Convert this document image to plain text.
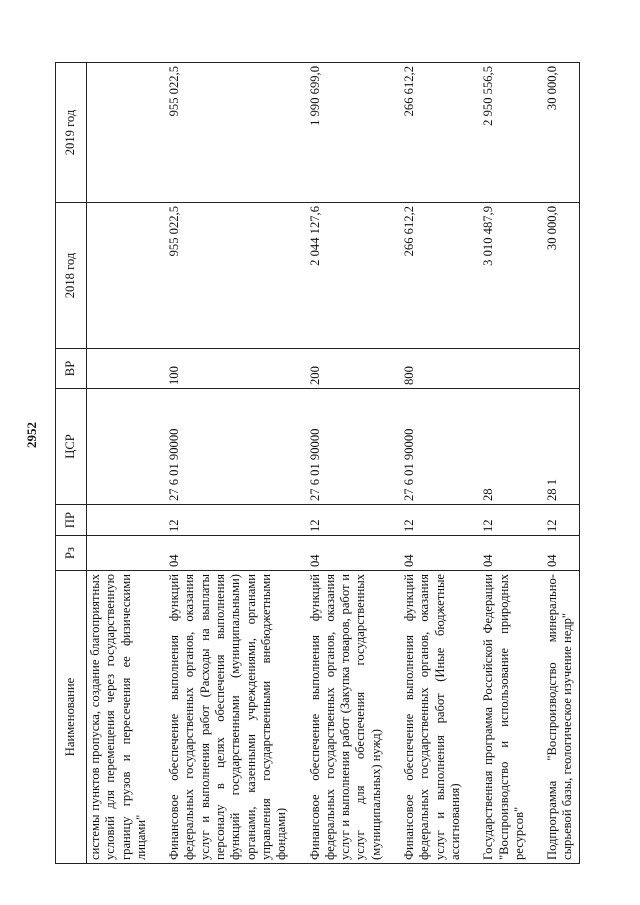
2952
Наименование	Рз	ПР	ЦСР	ВР	2018 год	2019 год
системы пунктов пропуска, создание благоприятных условий для перемещения через государственную границу грузов и пересечения ее физическими лицами"						

Финансовое обеспечение выполнения функций федеральных государственных органов, оказания услуг и выполнения работ (Расходы на выплаты персоналу в целях обеспечения выполнения функций государственными (муниципальными) органами, казенными учреждениями, органами управления государственными внебюджетными фондами)	04	12	27 6 01 90000	100	955 022,5	955 022,5

Финансовое обеспечение выполнения функций федеральных государственных органов, оказания услуг и выполнения работ (Закупка товаров, работ и услуг для обеспечения государственных (муниципальных) нужд)	04	12	27 6 01 90000	200	2 044 127,6	1 990 699,0

Финансовое обеспечение выполнения функций федеральных государственных органов, оказания услуг и выполнения работ (Иные бюджетные ассигнования)	04	12	27 6 01 90000	800	266 612,2	266 612,2

Государственная программа Российской Федерации "Воспроизводство и использование природных ресурсов"	04	12	28		3 010 487,9	2 950 556,5

Подпрограмма "Воспроизводство минерально-сырьевой базы, геологическое изучение недр"	04	12	28 1		30 000,0	30 000,0
